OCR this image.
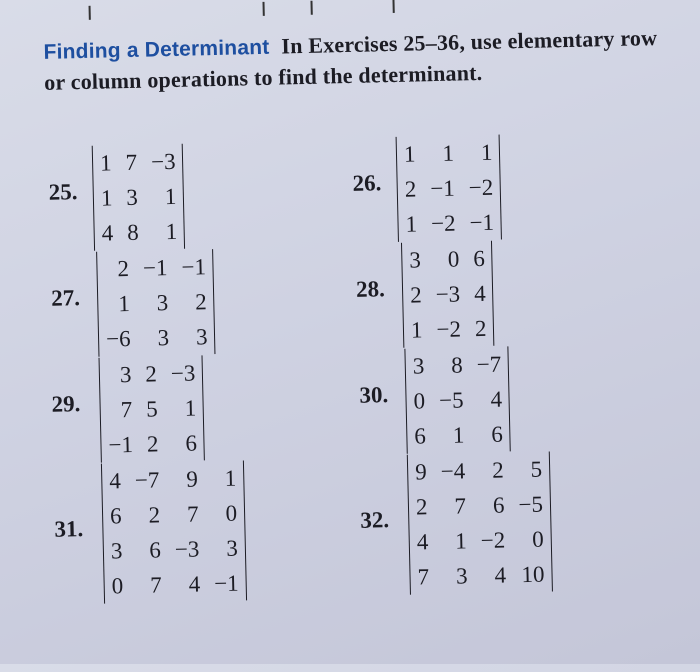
Finding a Determinant In Exercises 25–36, use elementary row or column operations to find the determinant.
25.
1	7	−3
1	3	1
4	8	1
26.
1	1	1
2	−1	−2
1	−2	−1
27.
2	−1	−1
1	3	2
−6	3	3
28.
3	0	6
2	−3	4
1	−2	2
29.
3	2	−3
7	5	1
−1	2	6
30.
3	8	−7
0	−5	4
6	1	6
31.
4	−7	9	1
6	2	7	0
3	6	−3	3
0	7	4	−1
32.
9	−4	2	5
2	7	6	−5
4	1	−2	0
7	3	4	10
